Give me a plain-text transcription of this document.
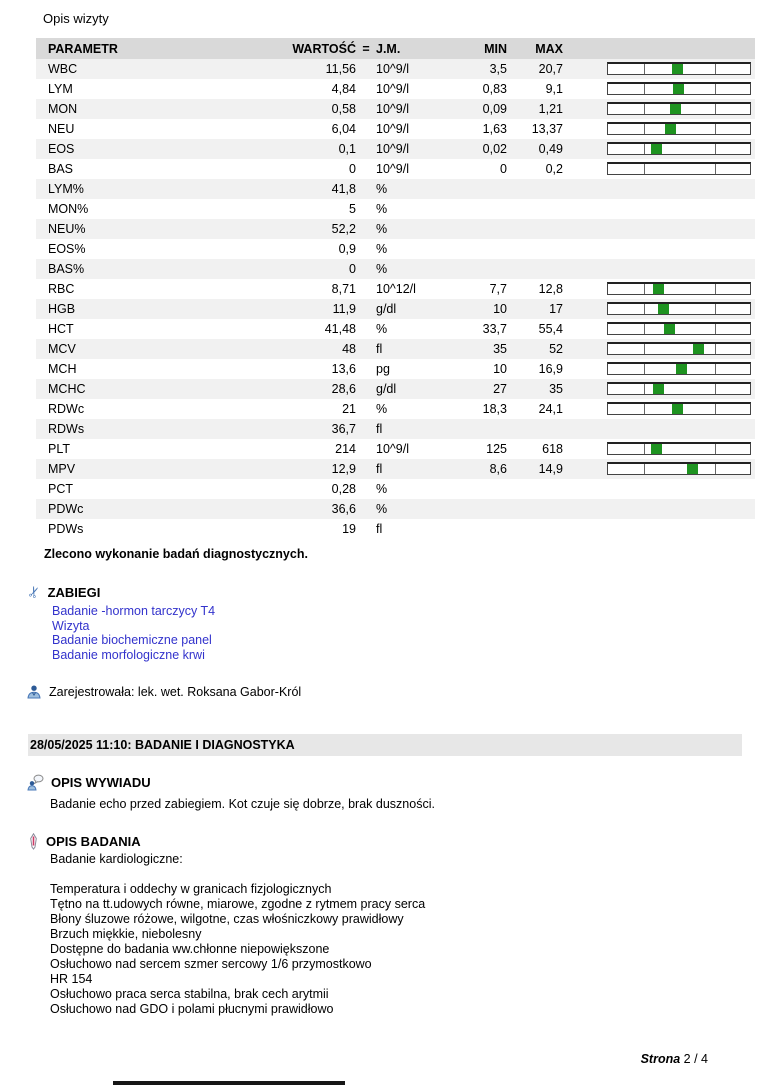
Opis wizyty
PARAMETR	WARTOŚĆ = J.M.	MIN	MAX
WBC	11,56 10^9/l	3,5	20,7
LYM	4,84 10^9/l	0,83	9,1
MON	0,58 10^9/l	0,09	1,21
NEU	6,04 10^9/l	1,63	13,37
EOS	0,1 10^9/l	0,02	0,49
BAS	0 10^9/l	0	0,2
LYM%	41,8 %
MON%	5 %
NEU%	52,2 %
EOS%	0,9 %
BAS%	0 %
RBC	8,71 10^12/l	7,7	12,8
HGB	11,9 g/dl	10	17
HCT	41,48 %	33,7	55,4
MCV	48 fl	35	52
MCH	13,6 pg	10	16,9
MCHC	28,6 g/dl	27	35
RDWc	21 %	18,3	24,1
RDWs	36,7 fl
PLT	214 10^9/l	125	618
MPV	12,9 fl	8,6	14,9
PCT	0,28 %
PDWc	36,6 %
PDWs	19 fl
Zlecono wykonanie badań diagnostycznych.
✂ ZABIEGI
Badanie -hormon tarczycy T4
Wizyta
Badanie biochemiczne panel
Badanie morfologiczne krwi
Zarejestrowała: lek. wet. Roksana Gabor-Król
28/05/2025 11:10: BADANIE I DIAGNOSTYKA
OPIS WYWIADU
Badanie echo przed zabiegiem. Kot czuje się dobrze, brak duszności.
OPIS BADANIA
Badanie kardiologiczne:
Temperatura i oddechy w granicach fizjologicznych
Tętno na tt.udowych równe, miarowe, zgodne z rytmem pracy serca
Błony śluzowe różowe, wilgotne, czas włośniczkowy prawidłowy
Brzuch miękkie, niebolesny
Dostępne do badania ww.chłonne niepowiększone
Osłuchowo nad sercem szmer sercowy 1/6 przymostkowo
HR 154
Osłuchowo praca serca stabilna, brak cech arytmii
Osłuchowo nad GDO i polami płucnymi prawidłowo
Strona 2 / 4
